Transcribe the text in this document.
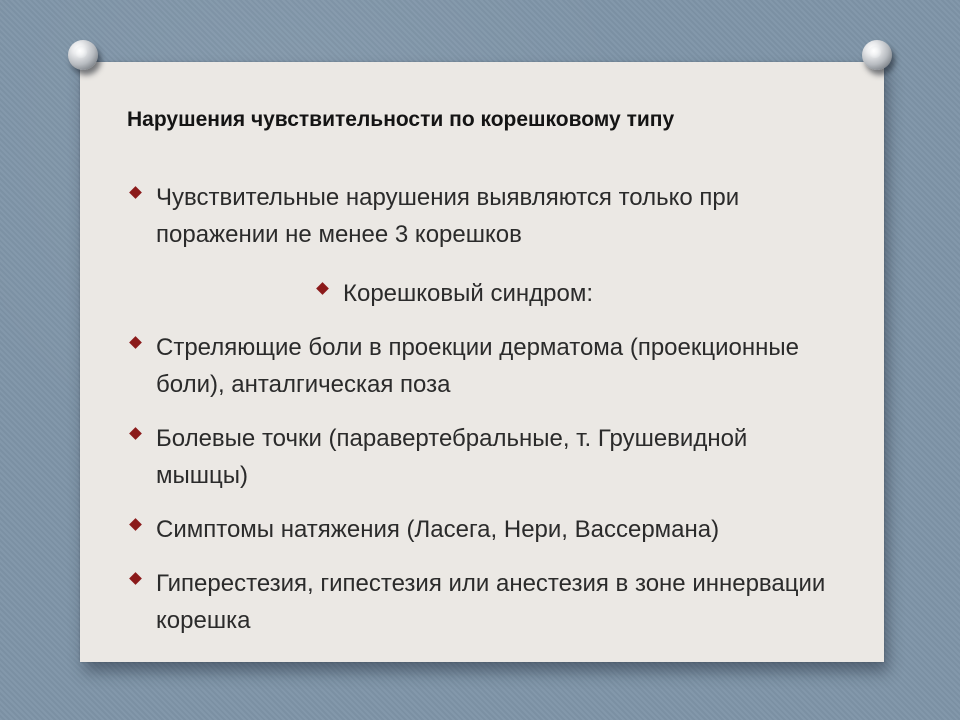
Нарушения чувствительности по корешковому типу
Чувствительные нарушения выявляются только при поражении не менее 3 корешков
Корешковый синдром:
Стреляющие боли в проекции дерматома (проекционные боли), анталгическая поза
Болевые точки (паравертебральные, т. Грушевидной мышцы)
Симптомы натяжения (Ласега, Нери, Вассермана)
Гиперестезия, гипестезия или анестезия в зоне иннервации корешка
